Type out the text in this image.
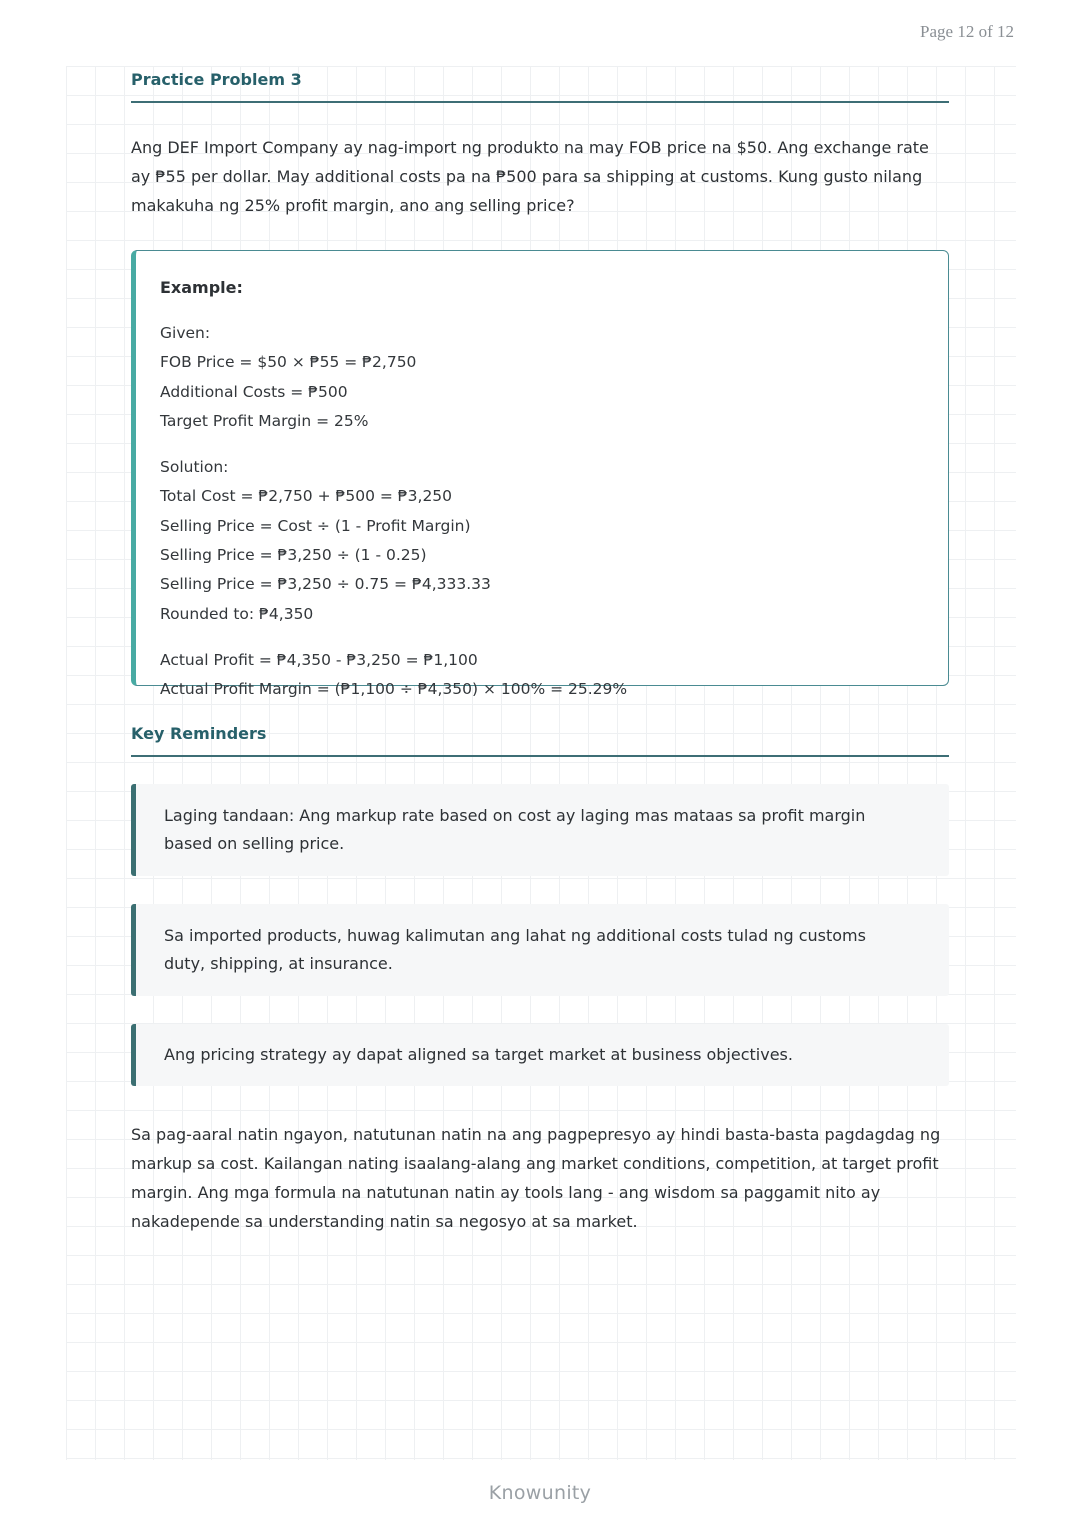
Page 12 of 12
Practice Problem 3

Ang DEF Import Company ay nag-import ng produkto na may FOB price na $50. Ang exchange rate ay ₱55 per dollar. May additional costs pa na ₱500 para sa shipping at customs. Kung gusto nilang makakuha ng 25% profit margin, ano ang selling price?

Example:
Given:
FOB Price = $50 × ₱55 = ₱2,750
Additional Costs = ₱500
Target Profit Margin = 25%
Solution:
Total Cost = ₱2,750 + ₱500 = ₱3,250
Selling Price = Cost ÷ (1 - Profit Margin)
Selling Price = ₱3,250 ÷ (1 - 0.25)
Selling Price = ₱3,250 ÷ 0.75 = ₱4,333.33
Rounded to: ₱4,350
Actual Profit = ₱4,350 - ₱3,250 = ₱1,100
Actual Profit Margin = (₱1,100 ÷ ₱4,350) × 100% = 25.29%
Key Reminders
Laging tandaan: Ang markup rate based on cost ay laging mas mataas sa profit margin based on selling price.
Sa imported products, huwag kalimutan ang lahat ng additional costs tulad ng customs duty, shipping, at insurance.
Ang pricing strategy ay dapat aligned sa target market at business objectives.

Sa pag-aaral natin ngayon, natutunan natin na ang pagpepresyo ay hindi basta-basta pagdagdag ng markup sa cost. Kailangan nating isaalang-alang ang market conditions, competition, at target profit margin. Ang mga formula na natutunan natin ay tools lang - ang wisdom sa paggamit nito ay nakadepende sa understanding natin sa negosyo at sa market.

Knowunity
